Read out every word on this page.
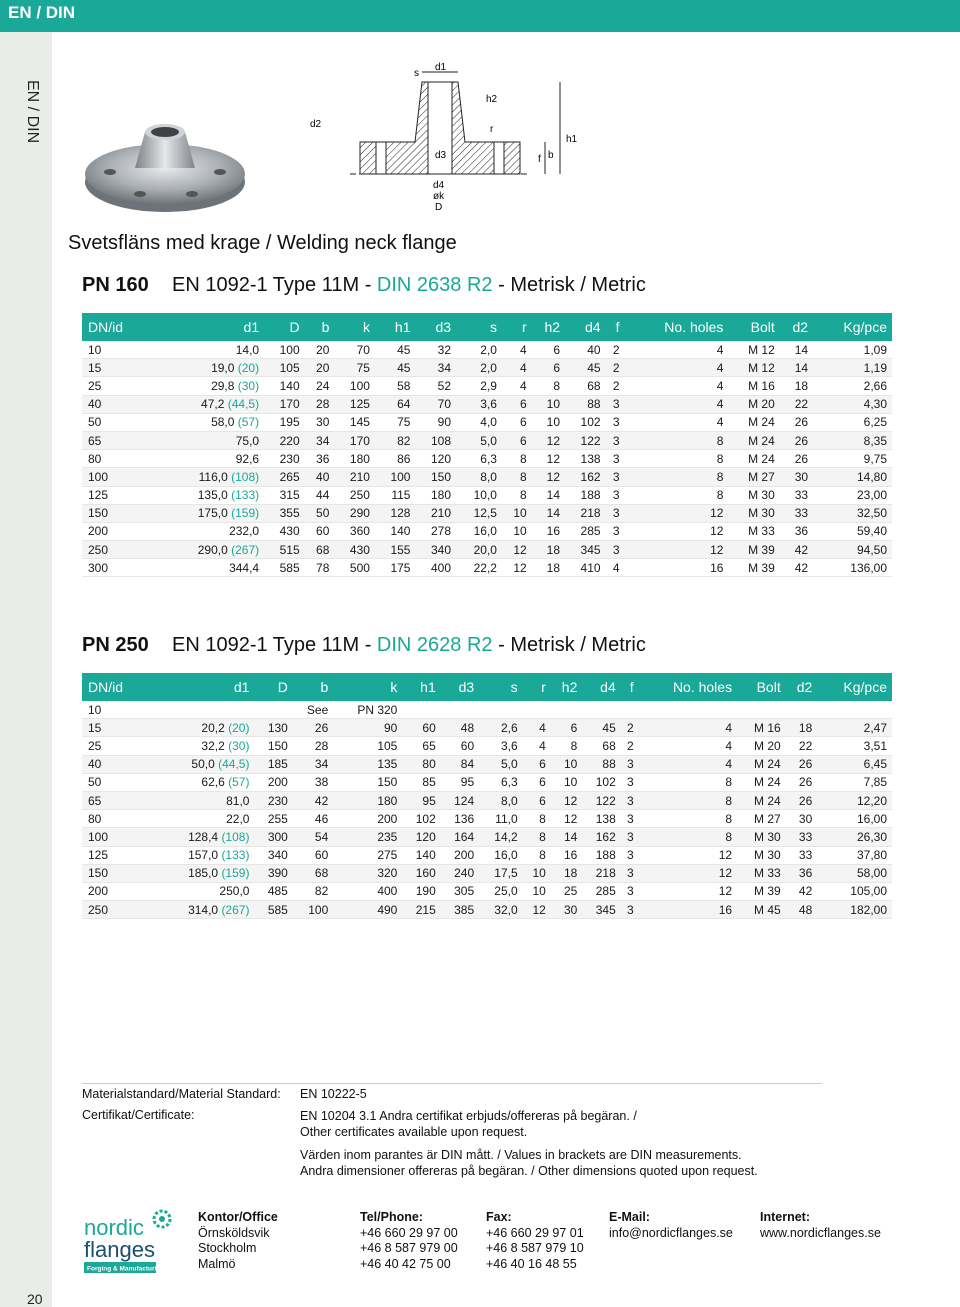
EN / DIN
EN / DIN
20
d1
s
h2
r
h1
d2
d3	f b
d4
øk
D
Svetsfläns med krage / Welding neck flange
PN 160 EN 1092-1 Type 11M - DIN 2638 R2 - Metrisk / Metric
DN/id	d1	D	b	k	h1	d3	s	r	h2	d4	f	No. holes	Bolt	d2	Kg/pce
10	14,0	100	20	70	45	32	2,0	4	6	40	2	4	M 12	14	1,09
15	19,0 (20)	105	20	75	45	34	2,0	4	6	45	2	4	M 12	14	1,19
25	29,8 (30)	140	24	100	58	52	2,9	4	8	68	2	4	M 16	18	2,66
40	47,2 (44,5)	170	28	125	64	70	3,6	6	10	88	3	4	M 20	22	4,30
50	58,0 (57)	195	30	145	75	90	4,0	6	10	102	3	4	M 24	26	6,25
65	75,0	220	34	170	82	108	5,0	6	12	122	3	8	M 24	26	8,35
80	92,6	230	36	180	86	120	6,3	8	12	138	3	8	M 24	26	9,75
100	116,0 (108)	265	40	210	100	150	8,0	8	12	162	3	8	M 27	30	14,80
125	135,0 (133)	315	44	250	115	180	10,0	8	14	188	3	8	M 30	33	23,00
150	175,0 (159)	355	50	290	128	210	12,5	10	14	218	3	12	M 30	33	32,50
200	232,0	430	60	360	140	278	16,0	10	16	285	3	12	M 33	36	59,40
250	290,0 (267)	515	68	430	155	340	20,0	12	18	345	3	12	M 39	42	94,50
300	344,4	585	78	500	175	400	22,2	12	18	410	4	16	M 39	42	136,00
PN 250 EN 1092-1 Type 11M - DIN 2628 R2 - Metrisk / Metric
DN/id	d1	D	b	k	h1	d3	s	r	h2	d4	f	No. holes	Bolt	d2	Kg/pce
10			See	PN 320											
15	20,2 (20)	130	26	90	60	48	2,6	4	6	45	2	4	M 16	18	2,47
25	32,2 (30)	150	28	105	65	60	3,6	4	8	68	2	4	M 20	22	3,51
40	50,0 (44,5)	185	34	135	80	84	5,0	6	10	88	3	4	M 24	26	6,45
50	62,6 (57)	200	38	150	85	95	6,3	6	10	102	3	8	M 24	26	7,85
65	81,0	230	42	180	95	124	8,0	6	12	122	3	8	M 24	26	12,20
80	22,0	255	46	200	102	136	11,0	8	12	138	3	8	M 27	30	16,00
100	128,4 (108)	300	54	235	120	164	14,2	8	14	162	3	8	M 30	33	26,30
125	157,0 (133)	340	60	275	140	200	16,0	8	16	188	3	12	M 30	33	37,80
150	185,0 (159)	390	68	320	160	240	17,5	10	18	218	3	12	M 33	36	58,00
200	250,0	485	82	400	190	305	25,0	10	25	285	3	12	M 39	42	105,00
250	314,0 (267)	585	100	490	215	385	32,0	12	30	345	3	16	M 45	48	182,00
Materialstandard/Material Standard: EN 10222-5
Certifikat/Certificate:	EN 10204 3.1 Andra certifikat erbjuds/offereras på begäran. /
Other certificates available upon request.
Värden inom parantes är DIN mått. / Values in brackets are DIN measurements.
Andra dimensioner offereras på begäran. / Other dimensions quoted upon request.
nordic
flanges
Forging & Manufacturing
Kontor/Office
Örnsköldsvik
Stockholm
Malmö
Tel/Phone:
+46 660 29 97 00
+46 8 587 979 00
+46 40 42 75 00
Fax:
+46 660 29 97 01
+46 8 587 979 10
+46 40 16 48 55
E-Mail:
info@nordicflanges.se
Internet:
www.nordicflanges.se
